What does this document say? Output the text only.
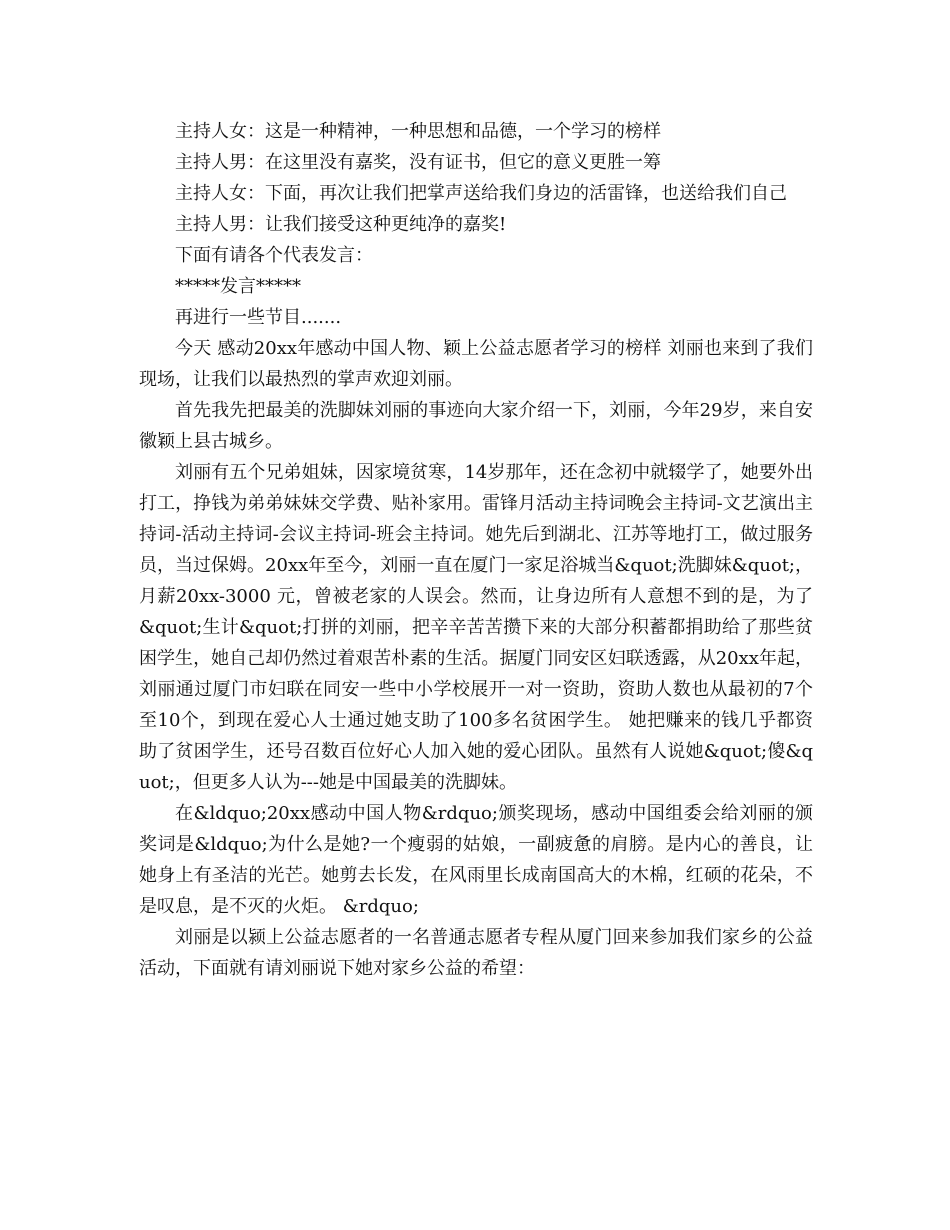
主持人女：这是一种精神，一种思想和品德，一个学习的榜样

主持人男：在这里没有嘉奖，没有证书，但它的意义更胜一筹

主持人女：下面，再次让我们把掌声送给我们身边的活雷锋，也送给我们自己

主持人男：让我们接受这种更纯净的嘉奖!

下面有请各个代表发言：

*****发言*****

再进行一些节目.......

今天 感动20xx年感动中国人物、颖上公益志愿者学习的榜样 刘丽也来到了我们现场，让我们以最热烈的掌声欢迎刘丽。

首先我先把最美的洗脚妹刘丽的事迹向大家介绍一下，刘丽，今年29岁，来自安徽颖上县古城乡。

刘丽有五个兄弟姐妹，因家境贫寒，14岁那年，还在念初中就辍学了，她要外出打工，挣钱为弟弟妹妹交学费、贴补家用。雷锋月活动主持词晚会主持词-文艺演出主持词-活动主持词-会议主持词-班会主持词。她先后到湖北、江苏等地打工，做过服务员，当过保姆。20xx年至今，刘丽一直在厦门一家足浴城当&quot;洗脚妹&quot;，月薪20xx-3000 元，曾被老家的人误会。然而，让身边所有人意想不到的是，为了&quot;生计&quot;打拼的刘丽，把辛辛苦苦攒下来的大部分积蓄都捐助给了那些贫困学生，她自己却仍然过着艰苦朴素的生活。据厦门同安区妇联透露，从20xx年起，刘丽通过厦门市妇联在同安一些中小学校展开一对一资助，资助人数也从最初的7个至10个，到现在爱心人士通过她支助了100多名贫困学生。 她把赚来的钱几乎都资助了贫困学生，还号召数百位好心人加入她的爱心团队。虽然有人说她&quot;傻&quot;，但更多人认为---她是中国最美的洗脚妹。

在&ldquo;20xx感动中国人物&rdquo;颁奖现场，感动中国组委会给刘丽的颁奖词是&ldquo;为什么是她?一个瘦弱的姑娘，一副疲惫的肩膀。是内心的善良，让她身上有圣洁的光芒。她剪去长发，在风雨里长成南国高大的木棉，红硕的花朵，不是叹息，是不灭的火炬。 &rdquo;

刘丽是以颍上公益志愿者的一名普通志愿者专程从厦门回来参加我们家乡的公益活动，下面就有请刘丽说下她对家乡公益的希望：
